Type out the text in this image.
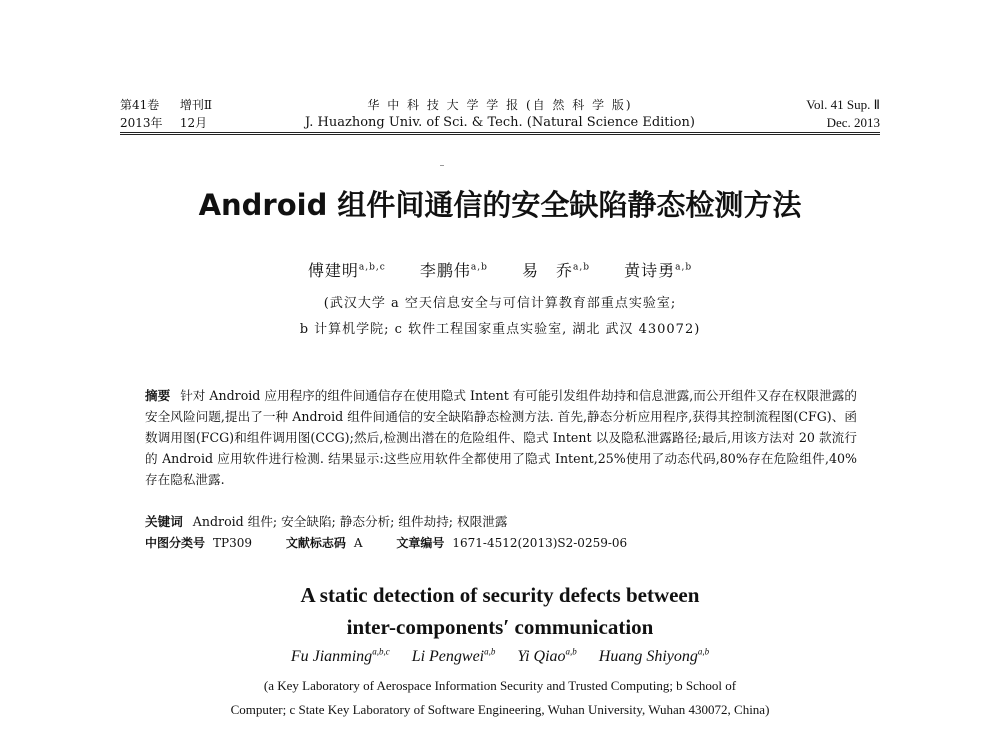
第41卷 增刊Ⅱ
2013年 12月
华 中 科 技 大 学 学 报 (自 然 科 学 版)
J. Huazhong Univ. of Sci. & Tech. (Natural Science Edition)
Vol. 41 Sup. Ⅱ
Dec. 2013
Android 组件间通信的安全缺陷静态检测方法
傅建明$^{a,b,c}$ 李鹏伟$^{a,b}$ 易　乔$^{a,b}$ 黄诗勇$^{a,b}$
(武汉大学 a 空天信息安全与可信计算教育部重点实验室;
b 计算机学院; c 软件工程国家重点实验室, 湖北 武汉 430072)
摘要 针对 Android 应用程序的组件间通信存在使用隐式 Intent 有可能引发组件劫持和信息泄露,而公开组件又存在权限泄露的安全风险问题,提出了一种 Android 组件间通信的安全缺陷静态检测方法. 首先,静态分析应用程序,获得其控制流程图(CFG)、函数调用图(FCG)和组件调用图(CCG);然后,检测出潜在的危险组件、隐式 Intent 以及隐私泄露路径;最后,用该方法对 20 款流行的 Android 应用软件进行检测. 结果显示:这些应用软件全都使用了隐式 Intent,25%使用了动态代码,80%存在危险组件,40%存在隐私泄露.
关键词 Android 组件; 安全缺陷; 静态分析; 组件劫持; 权限泄露
中图分类号 TP309	文献标志码 A	文章编号 1671-4512(2013)S2-0259-06
A static detection of security defects between
inter-components′ communication
Fu Jianming$^{a,b,c}$ Li Pengwei$^{a,b}$ Yi Qiao$^{a,b}$ Huang Shiyong$^{a,b}$
(a Key Laboratory of Aerospace Information Security and Trusted Computing; b School of
Computer; c State Key Laboratory of Software Engineering, Wuhan University, Wuhan 430072, China)
